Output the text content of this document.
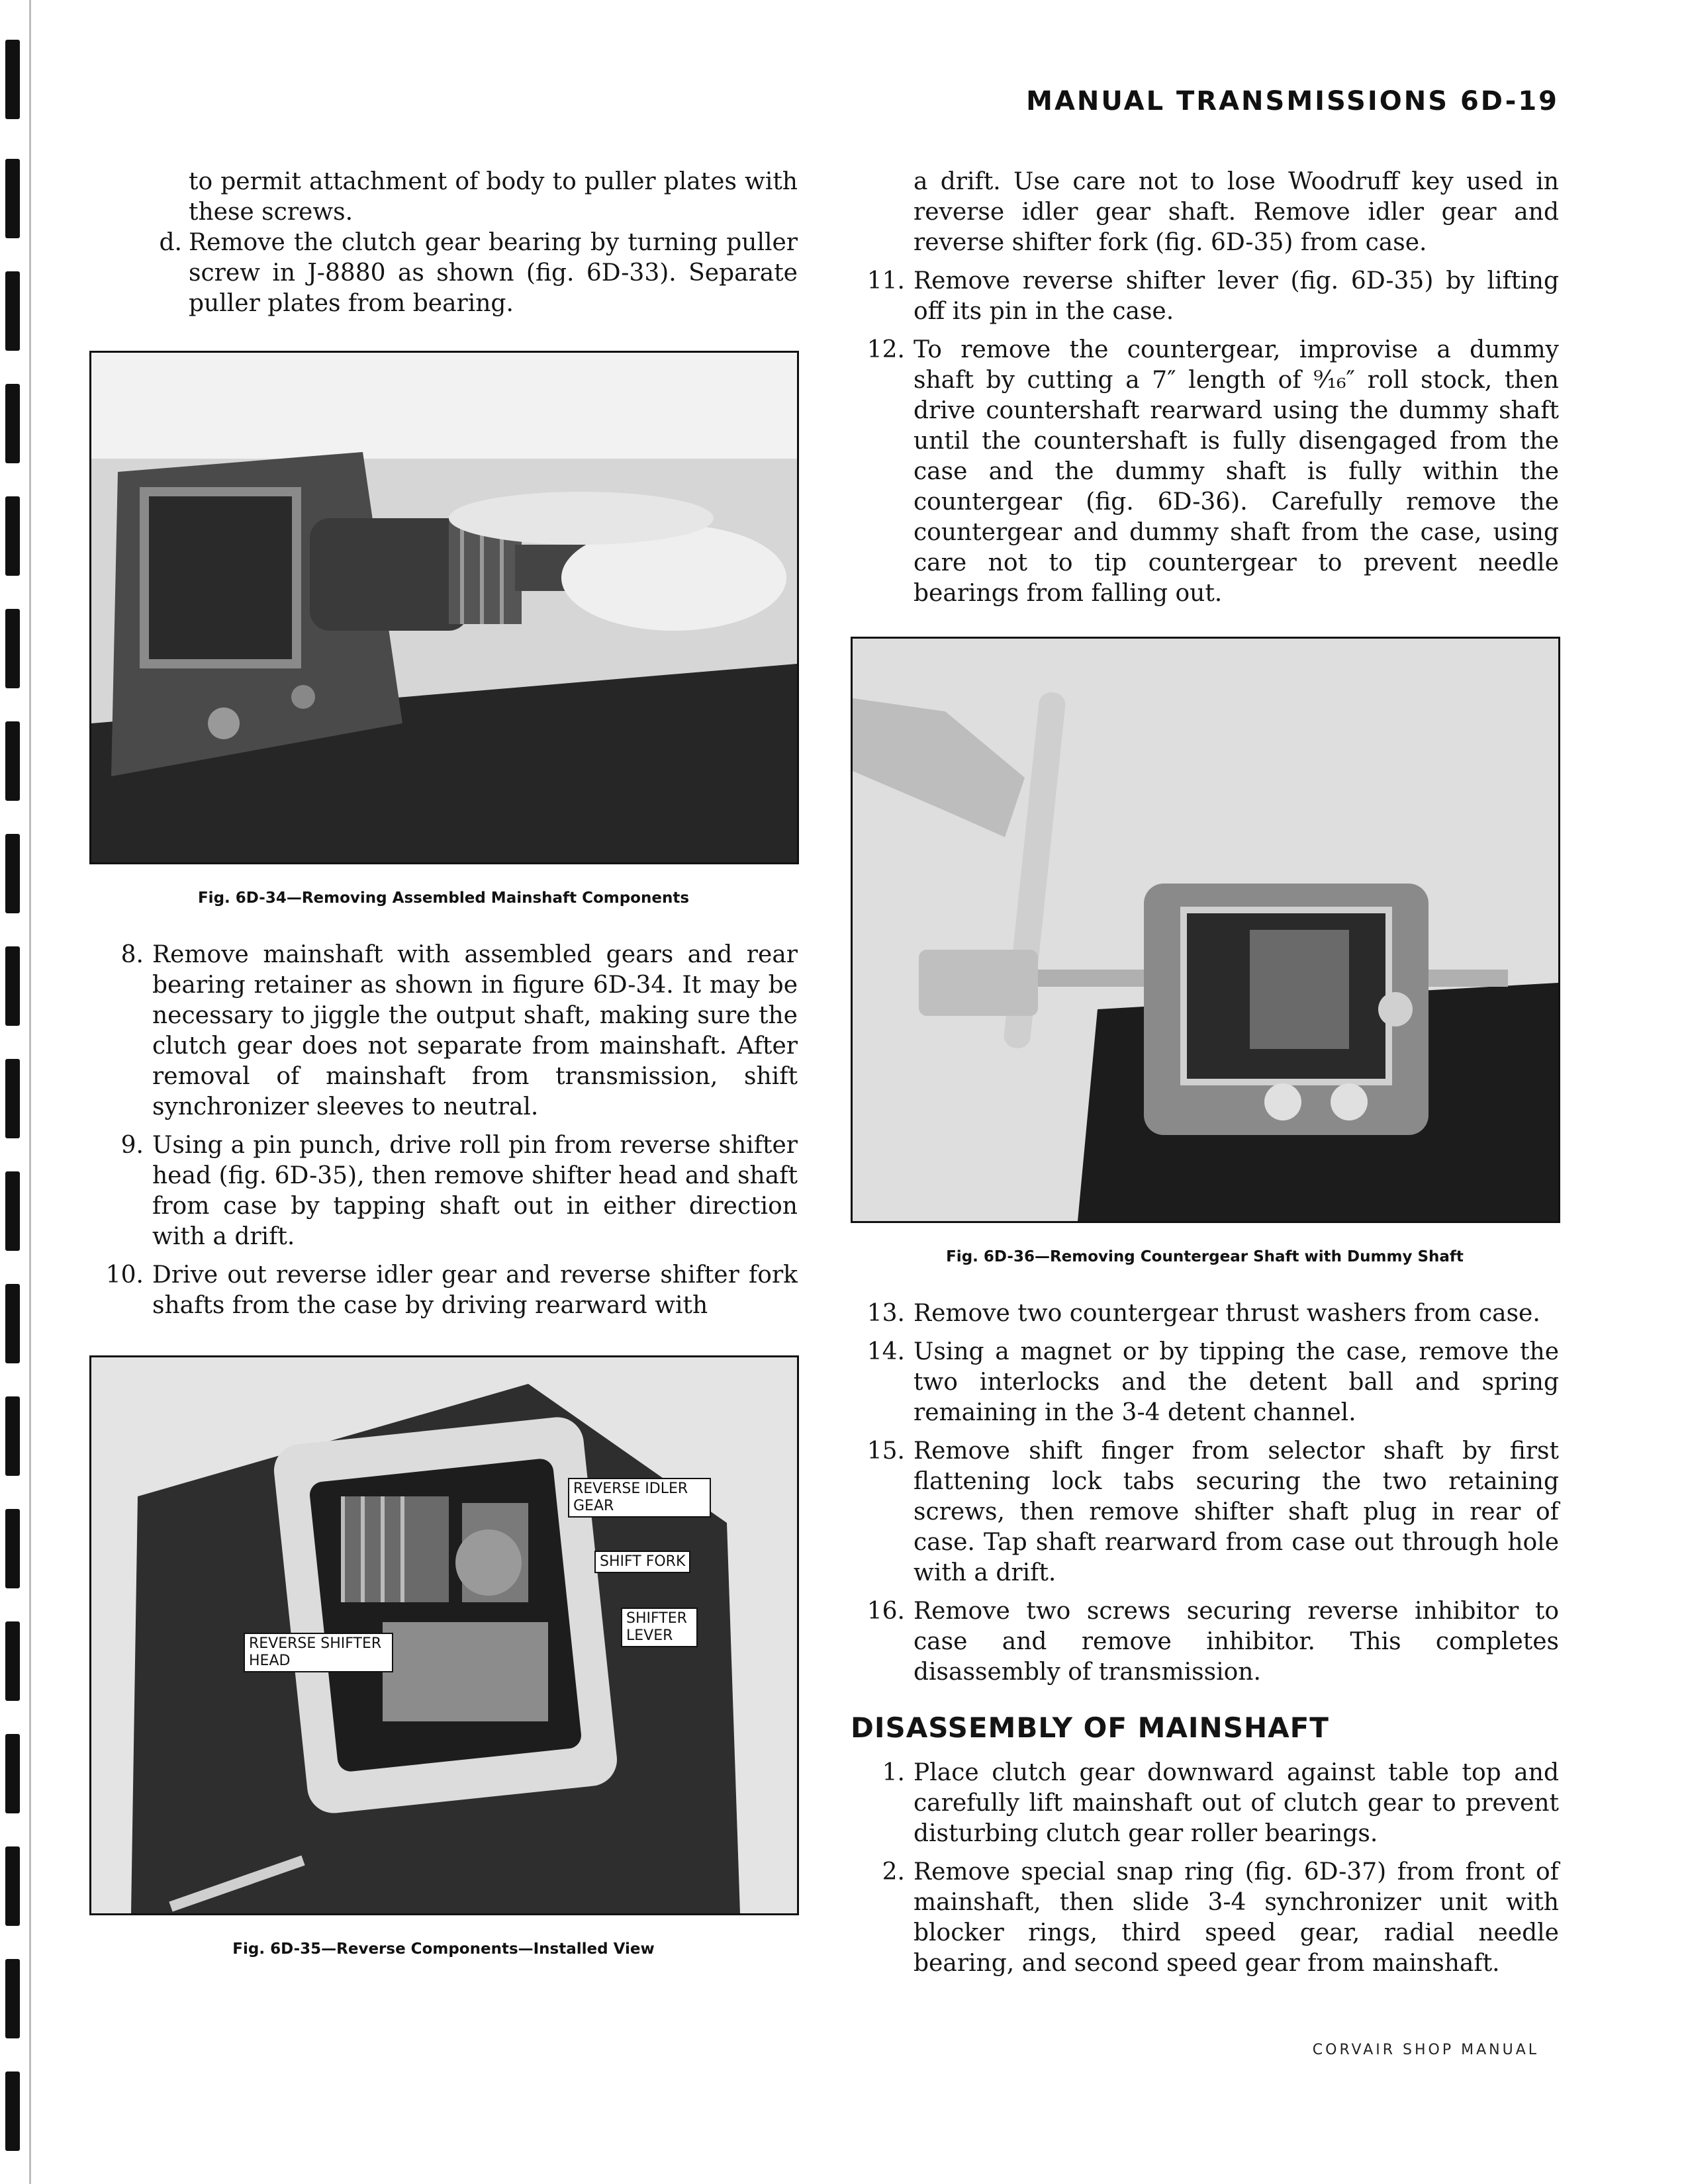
MANUAL TRANSMISSIONS 6D-19

to permit attachment of body to puller plates with these screws.

d. Remove the clutch gear bearing by turning puller screw in J-8880 as shown (fig. 6D-33). Separate puller plates from bearing.
Fig. 6D-34—Removing Assembled Mainshaft Components
8. Remove mainshaft with assembled gears and rear bearing retainer as shown in figure 6D-34. It may be necessary to jiggle the output shaft, making sure the clutch gear does not separate from mainshaft. After removal of mainshaft from transmission, shift synchronizer sleeves to neutral.
9. Using a pin punch, drive roll pin from reverse shifter head (fig. 6D-35), then remove shifter head and shaft from case by tapping shaft out in either direction with a drift.
10. Drive out reverse idler gear and reverse shifter fork shafts from the case by driving rearward with
REVERSE IDLER GEAR
SHIFT FORK
SHIFTER LEVER
REVERSE SHIFTER HEAD
Fig. 6D-35—Reverse Components—Installed View

a drift. Use care not to lose Woodruff key used in reverse idler gear shaft. Remove idler gear and reverse shifter fork (fig. 6D-35) from case.

11. Remove reverse shifter lever (fig. 6D-35) by lifting off its pin in the case.
12. To remove the countergear, improvise a dummy shaft by cutting a 7″ length of ⁹⁄₁₆″ roll stock, then drive countershaft rearward using the dummy shaft until the countershaft is fully disengaged from the case and the dummy shaft is fully within the countergear (fig. 6D-36). Carefully remove the countergear and dummy shaft from the case, using care not to tip countergear to prevent needle bearings from falling out.
Fig. 6D-36—Removing Countergear Shaft with Dummy Shaft
13. Remove two countergear thrust washers from case.
14. Using a magnet or by tipping the case, remove the two interlocks and the detent ball and spring remaining in the 3-4 detent channel.
15. Remove shift finger from selector shaft by first flattening lock tabs securing the two retaining screws, then remove shifter shaft plug in rear of case. Tap shaft rearward from case out through hole with a drift.
16. Remove two screws securing reverse inhibitor to case and remove inhibitor. This completes disassembly of transmission.
DISASSEMBLY OF MAINSHAFT
1. Place clutch gear downward against table top and carefully lift mainshaft out of clutch gear to prevent disturbing clutch gear roller bearings.
2. Remove special snap ring (fig. 6D-37) from front of mainshaft, then slide 3-4 synchronizer unit with blocker rings, third speed gear, radial needle bearing, and second speed gear from mainshaft.
CORVAIR SHOP MANUAL
